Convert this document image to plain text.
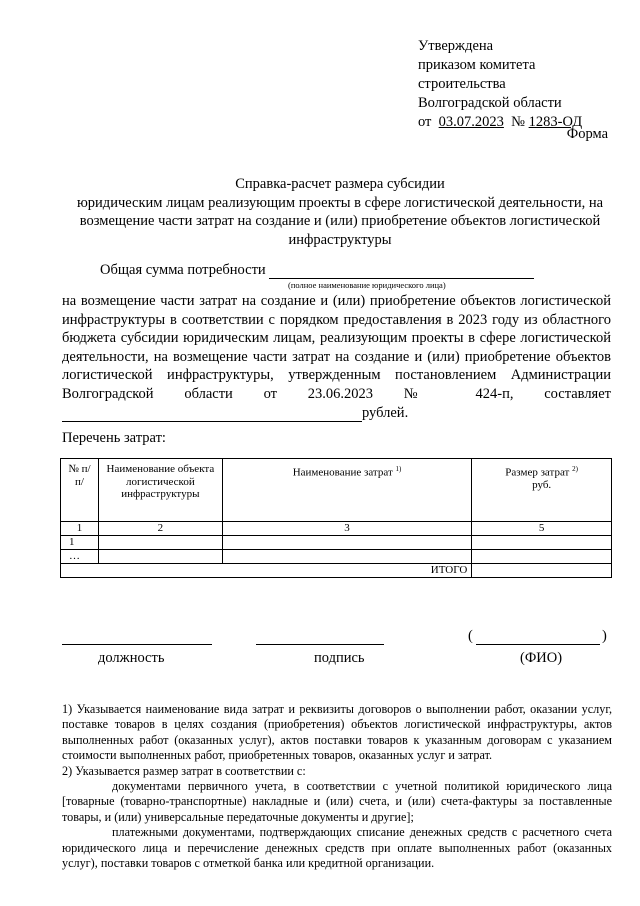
Утверждена
приказом комитета
строительства
Волгоградской области
от 03.07.2023 № 1283-ОД
Форма
Справка-расчет размера субсидии
юридическим лицам реализующим проекты в сфере логистической деятельности, на
возмещение части затрат на создание и (или) приобретение объектов логистической
инфраструктуры
Общая сумма потребности
(полное наименование юридического лица)
на возмещение части затрат на создание и (или) приобретение объектов логистической инфраструктуры в соответствии с порядком предоставления в 2023 году из областного бюджета субсидии юридическим лицам, реализующим проекты в сфере логистической деятельности, на возмещение части затрат на создание и (или) приобретение объектов логистической инфраструктуры, утвержденным постановлением Администрации Волгоградской области от 23.06.2023 № 424-п, составляет рублей.
Перечень затрат:
№ п/п/	Наименование объекта логистической инфраструктуры	Наименование затрат $^{1)}$	Размер затрат $^{2)}$
руб.
1	2	3	5
1			
…			
ИТОГО			
(	)
должность	подпись	(ФИО)

1) Указывается наименование вида затрат и реквизиты договоров о выполнении работ, оказании услуг, поставке товаров в целях создания (приобретения) объектов логистической инфраструктуры, актов выполненных работ (оказанных услуг), актов поставки товаров к указанным договорам с указанием стоимости выполненных работ, приобретенных товаров, оказанных услуг и затрат.

2) Указывается размер затрат в соответствии с:

документами первичного учета, в соответствии с учетной политикой юридического лица [товарные (товарно-транспортные) накладные и (или) счета, и (или) счета-фактуры за поставленные товары, и (или) универсальные передаточные документы и другие];

платежными документами, подтверждающих списание денежных средств с расчетного счета юридического лица и перечисление денежных средств при оплате выполненных работ (оказанных услуг), поставки товаров с отметкой банка или кредитной организации.
